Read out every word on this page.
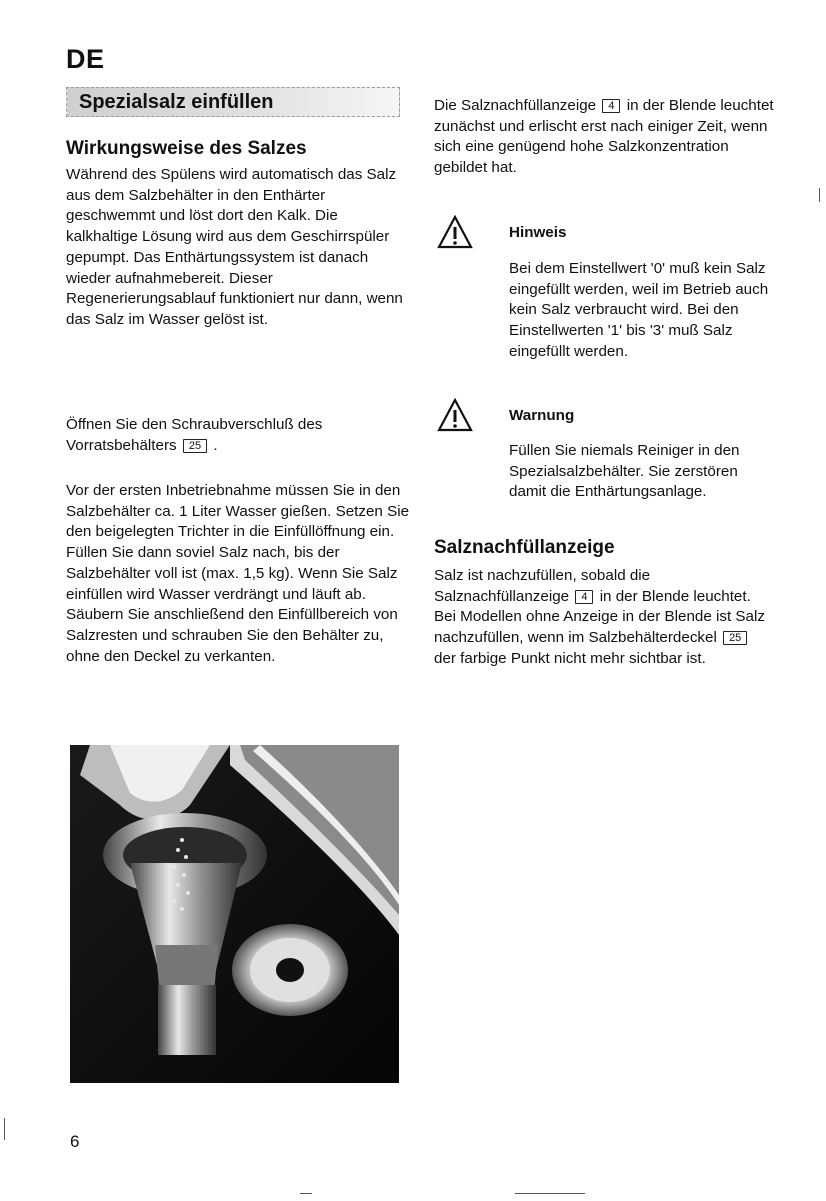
DE
Spezialsalz einfüllen
Wirkungsweise des Salzes

Während des Spülens wird automatisch das Salz aus dem Salzbehälter in den Enthärter geschwemmt und löst dort den Kalk. Die kalkhaltige Lösung wird aus dem Geschirrspüler gepumpt. Das Enthärtungssystem ist danach wieder aufnahmebereit. Dieser Regenerierungsablauf funktioniert nur dann, wenn das Salz im Wasser gelöst ist.

Öffnen Sie den Schraubverschluß des Vorratsbehälters 25 .

Vor der ersten Inbetriebnahme müssen Sie in den Salzbehälter ca. 1 Liter Wasser gießen. Setzen Sie den beigelegten Trichter in die Einfüllöffnung ein. Füllen Sie dann soviel Salz nach, bis der Salzbehälter voll ist (max. 1,5 kg). Wenn Sie Salz einfüllen wird Wasser verdrängt und läuft ab. Säubern Sie anschließend den Einfüllbereich von Salzresten und schrauben Sie den Behälter zu, ohne den Deckel zu verkanten.

Die Salznachfüllanzeige 4 in der Blende leuchtet zunächst und erlischt erst nach einiger Zeit, wenn sich eine genügend hohe Salzkonzentration gebildet hat.

Hinweis

Bei dem Einstellwert '0' muß kein Salz eingefüllt werden, weil im Betrieb auch kein Salz verbraucht wird. Bei den Einstellwerten '1' bis '3' muß Salz eingefüllt werden.

Warnung

Füllen Sie niemals Reiniger in den Spezialsalzbehälter. Sie zerstören damit die Enthärtungsanlage.

Salznachfüllanzeige

Salz ist nachzufüllen, sobald die Salznachfüllanzeige 4 in der Blende leuchtet. Bei Modellen ohne Anzeige in der Blende ist Salz nachzufüllen, wenn im Salzbehälterdeckel 25 der farbige Punkt nicht mehr sichtbar ist.

6
